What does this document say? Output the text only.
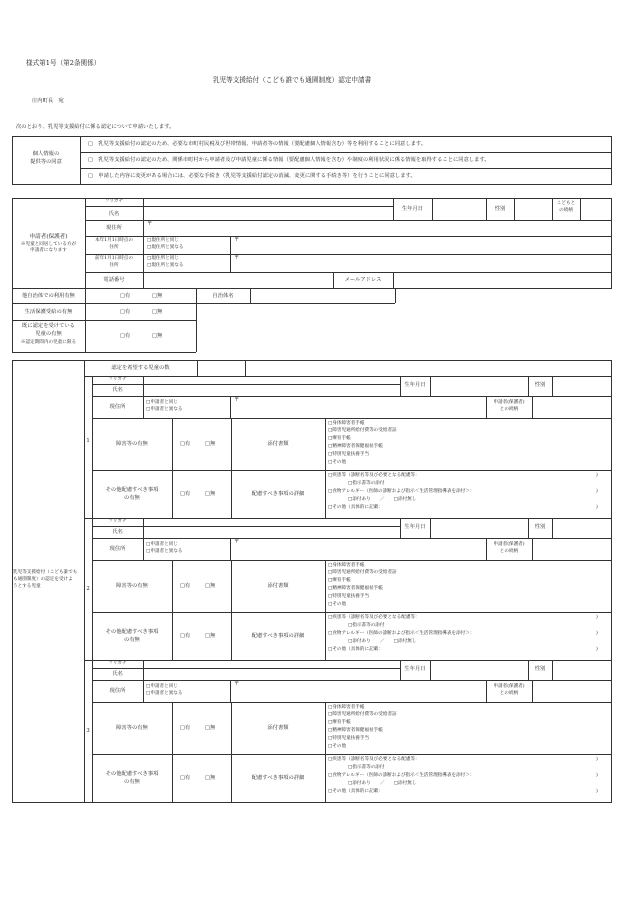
様式第1号（第2条関係）
乳児等支援給付（こども誰でも通園制度）認定申請書
庄内町長　宛
次のとおり、乳児等支援給付に係る認定について申請いたします。
個人情報の
提供等の同意
□　乳児等支援給付の認定のため、必要な市町村民税及び世帯情報、申請者等の情報（要配慮個人情報含む）等を利用することに同意します。
□　乳児等支援給付の認定のため、関係市町村から申請者及び申請児童に係る情報（要配慮個人情報を含む）や制度の利用状況に係る情報を取得することに同意します。
□　申請した内容に変更がある場合には、必要な手続き（乳児等支援給付認定の消滅、変更に関する手続き等）を行うことに同意します。
申請者(保護者)
※児童と同居している方が
申請者になります
フリガナ
氏名
生年月日	性別
こどもと
の続柄
現住所
〒
本年1月1日時点の
住所
□現住所と同じ
□現住所と異なる
〒
前年1月1日時点の
住所
□現住所と同じ
□現住所と異なる
〒
電話番号	メールアドレス
他自治体での利用有無	□有	□無	自治体名
生活保護受給の有無	□有	□無
既に認定を受けている
児童の有無
※認定期間内の児童に限る
□有	□無
乳児等支援給付（こども誰でも
も通園制度）の認定を受けよ
うとする児童
認定を希望する児童の数
1
フリガナ
氏名
生年月日	性別
現住所
□申請者と同じ
□申請者と異なる
〒	申請者(保護者)
との続柄
障害等の有無	□有	□無	添付書類
□身体障害者手帳
□障害児通所給付費等の受給者証
□療育手帳
□精神障害者保健福祉手帳
□特別児童扶養手当
□その他
その他配慮すべき事項
の有無
□有	□無	配慮すべき事項の詳細
□疾患等（診断名等及び必要となる配慮等：
□指示書等の添付
□食物アレルギー（医師の診断および指示＜生活管理指導表を添付＞：
□添付あり　　／　　□添付無し
□その他（具体的に記載：
)
)
)
2
フリガナ
氏名
生年月日	性別
現住所
□申請者と同じ
□申請者と異なる
〒	申請者(保護者)
との続柄
障害等の有無	□有	□無	添付書類
□身体障害者手帳
□障害児通所給付費等の受給者証
□療育手帳
□精神障害者保健福祉手帳
□特別児童扶養手当
□その他
その他配慮すべき事項
の有無
□有	□無	配慮すべき事項の詳細
□疾患等（診断名等及び必要となる配慮等：
□指示書等の添付
□食物アレルギー（医師の診断および指示＜生活管理指導表を添付＞：
□添付あり　　／　　□添付無し
□その他（具体的に記載：
)
)
)
3
フリガナ
氏名
生年月日	性別
現住所
□申請者と同じ
□申請者と異なる
〒	申請者(保護者)
との続柄
障害等の有無	□有	□無	添付書類
□身体障害者手帳
□障害児通所給付費等の受給者証
□療育手帳
□精神障害者保健福祉手帳
□特別児童扶養手当
□その他
その他配慮すべき事項
の有無
□有	□無	配慮すべき事項の詳細
□疾患等（診断名等及び必要となる配慮等：
□指示書等の添付
□食物アレルギー（医師の診断および指示＜生活管理指導表を添付＞：
□添付あり　　／　　□添付無し
□その他（具体的に記載：
)
)
)
